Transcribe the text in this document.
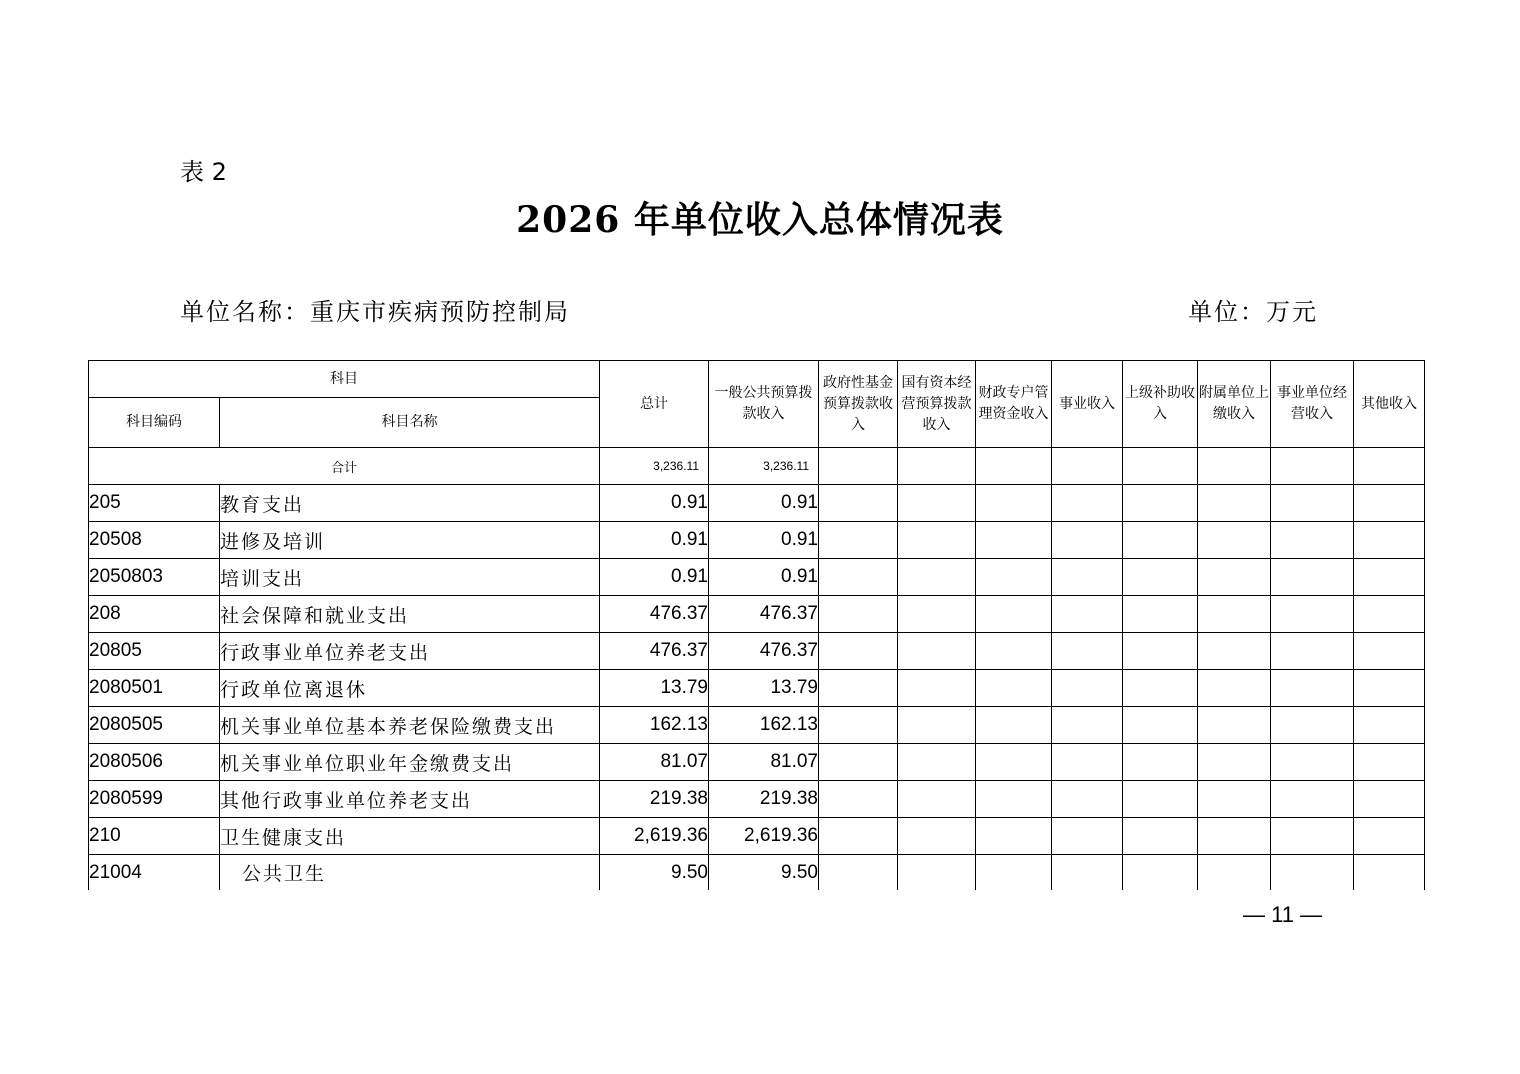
表 2
2026 年单位收入总体情况表
单位名称：重庆市疾病预防控制局	单位：万元
科目		总计	一般公共预算拨款收入	政府性基金预算拨款收入	国有资本经营预算拨款收入	财政专户管理资金收入	事业收入	上级补助收入	附属单位上缴收入	事业单位经营收入	其他收入
科目编码	科目名称										
合计		3,236.11	3,236.11								
205	教育支出	0.91	0.91								
20508	进修及培训	0.91	0.91								
2050803	培训支出	0.91	0.91								
208	社会保障和就业支出	476.37	476.37								
20805	行政事业单位养老支出	476.37	476.37								
2080501	行政单位离退休	13.79	13.79								
2080505	机关事业单位基本养老保险缴费支出	162.13	162.13								
2080506	机关事业单位职业年金缴费支出	81.07	81.07								
2080599	其他行政事业单位养老支出	219.38	219.38								
210	卫生健康支出	2,619.36	2,619.36								
21004	公共卫生	9.50	9.50								
— 11 —
